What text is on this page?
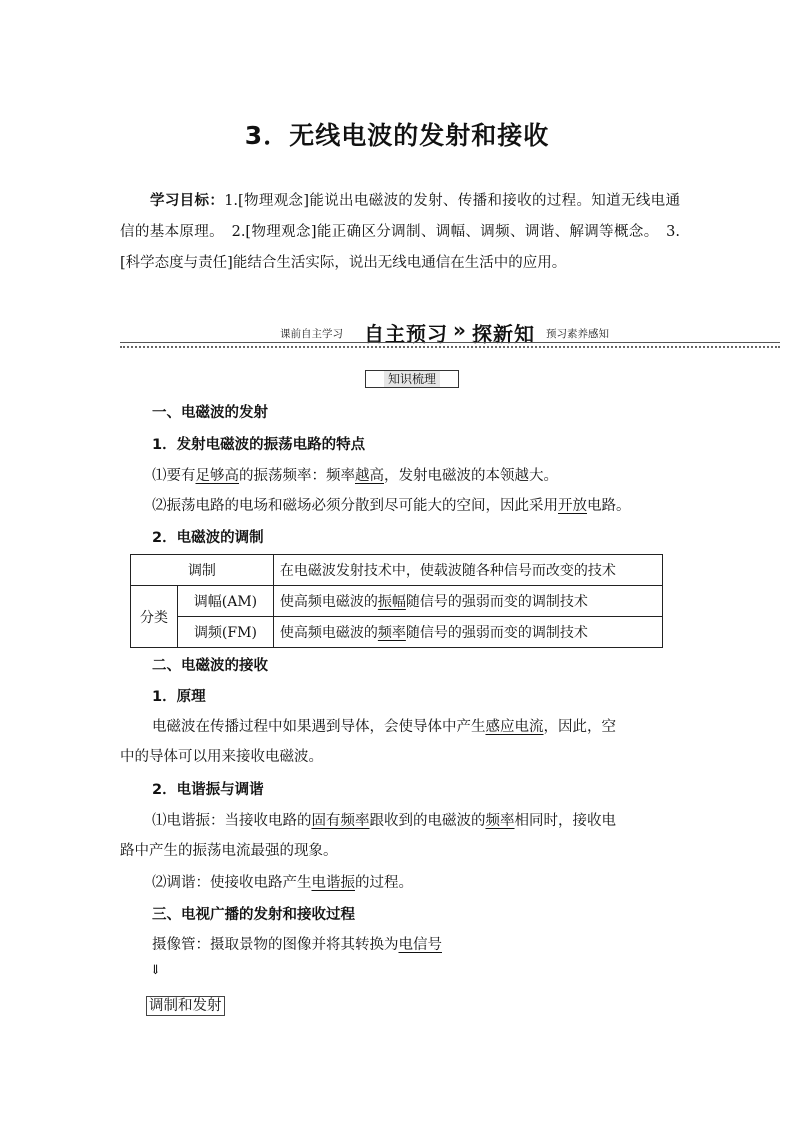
3．无线电波的发射和接收
学习目标：1.[物理观念]能说出电磁波的发射、传播和接收的过程。知道无线电通信的基本原理。　2.[物理观念]能正确区分调制、调幅、调频、调谐、解调等概念。　3.[科学态度与责任]能结合生活实际，说出无线电通信在生活中的应用。
课前自主学习 自主预习 » 探新知 预习素养感知
知识梳理
一、电磁波的发射
1．发射电磁波的振荡电路的特点
⑴要有足够高的振荡频率：频率越高，发射电磁波的本领越大。
⑵振荡电路的电场和磁场必须分散到尽可能大的空间，因此采用开放电路。
2．电磁波的调制
调制		在电磁波发射技术中，使载波随各种信号而改变的技术
分类	调幅(AM)	使高频电磁波的振幅随信号的强弱而变的调制技术
	调频(FM)	使高频电磁波的频率随信号的强弱而变的调制技术
二、电磁波的接收
1．原理
电磁波在传播过程中如果遇到导体，会使导体中产生感应电流，因此，空
中的导体可以用来接收电磁波。
2．电谐振与调谐
⑴电谐振：当接收电路的固有频率跟收到的电磁波的频率相同时，接收电
路中产生的振荡电流最强的现象。
⑵调谐：使接收电路产生电谐振的过程。
三、电视广播的发射和接收过程
摄像管：摄取景物的图像并将其转换为电信号
⇓
调制和发射
